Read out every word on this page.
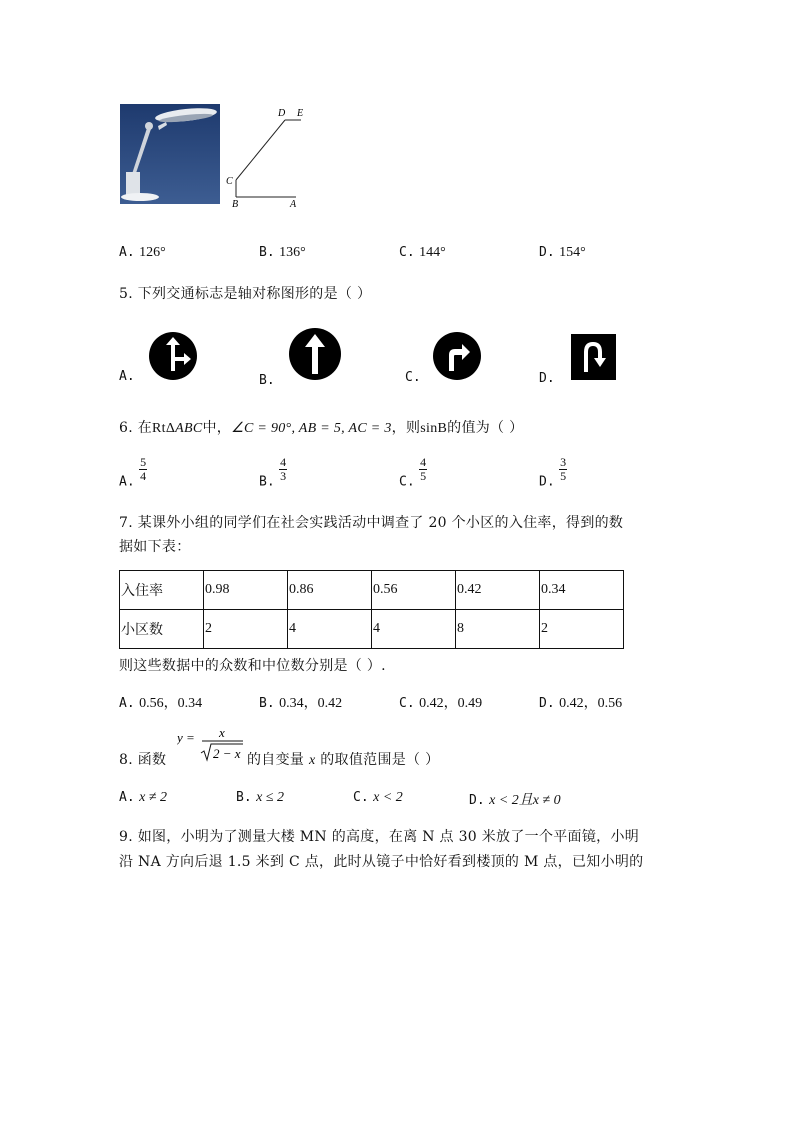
D E
C
B	A
A. 126°	B. 136°	C. 144°	D. 154°
5. 下列交通标志是轴对称图形的是（ ）
A.	B.	C.	D.
6. 在RtΔABC中，∠C = 90°, AB = 5, AC = 3，则sinB的值为（ ）
A. $\frac{5}{4}$	B. $\frac{4}{3}$	C. $\frac{4}{5}$	D. $\frac{3}{5}$
7. 某课外小组的同学们在社会实践活动中调查了 20 个小区的入住率，得到的数
据如下表：
入住率	0.98	0.86	0.56	0.42	0.34
小区数	2	4	4	8	2
则这些数据中的众数和中位数分别是（ ）.
A. 0.56，0.34	B. 0.34，0.42	C. 0.42，0.49	D. 0.42，0.56
8. 函数
y = x
2 − x 的自变量 x 的取值范围是（ ）
A. x ≠ 2	B. x ≤ 2	C. x < 2	D. x < 2且x ≠ 0
9. 如图，小明为了测量大楼 MN 的高度，在离 N 点 30 米放了一个平面镜，小明
沿 NA 方向后退 1.5 米到 C 点，此时从镜子中恰好看到楼顶的 M 点，已知小明的
